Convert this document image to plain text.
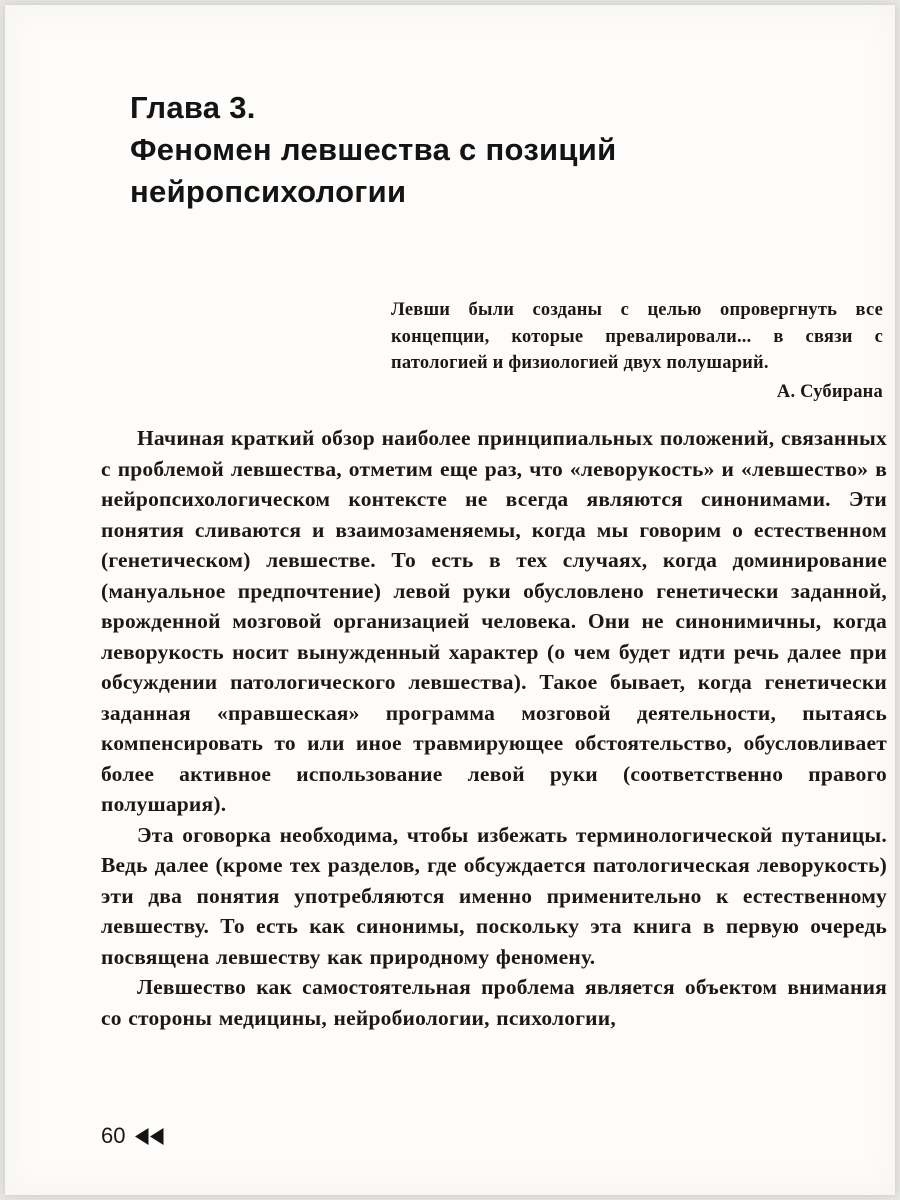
Глава 3.
Феномен левшества с позиций
нейропсихологии

Левши были созданы с целью опровергнуть все концепции, которые превалировали... в связи с патологией и физиологией двух полушарий.

А. Субирана

Начиная краткий обзор наиболее принципиальных положений, связанных с проблемой левшества, отметим еще раз, что «леворукость» и «левшество» в нейропсихологическом контексте не всегда являются синонимами. Эти понятия сливаются и взаимозаменяемы, когда мы говорим о естественном (генетическом) левшестве. То есть в тех случаях, когда доминирование (мануальное предпочтение) левой руки обусловлено генетически заданной, врожденной мозговой организацией человека. Они не синонимичны, когда леворукость носит вынужденный характер (о чем будет идти речь далее при обсуждении патологического левшества). Такое бывает, когда генетически заданная «правшеская» программа мозговой деятельности, пытаясь компенсировать то или иное травмирующее обстоятельство, обусловливает более активное использование левой руки (соответственно правого полушария).

Эта оговорка необходима, чтобы избежать терминологической путаницы. Ведь далее (кроме тех разделов, где обсуждается патологическая леворукость) эти два понятия употребляются именно применительно к естественному левшеству. То есть как синонимы, поскольку эта книга в первую очередь посвящена левшеству как природному феномену.

Левшество как самостоятельная проблема является объектом внимания со стороны медицины, нейробиологии, психологии,

60
